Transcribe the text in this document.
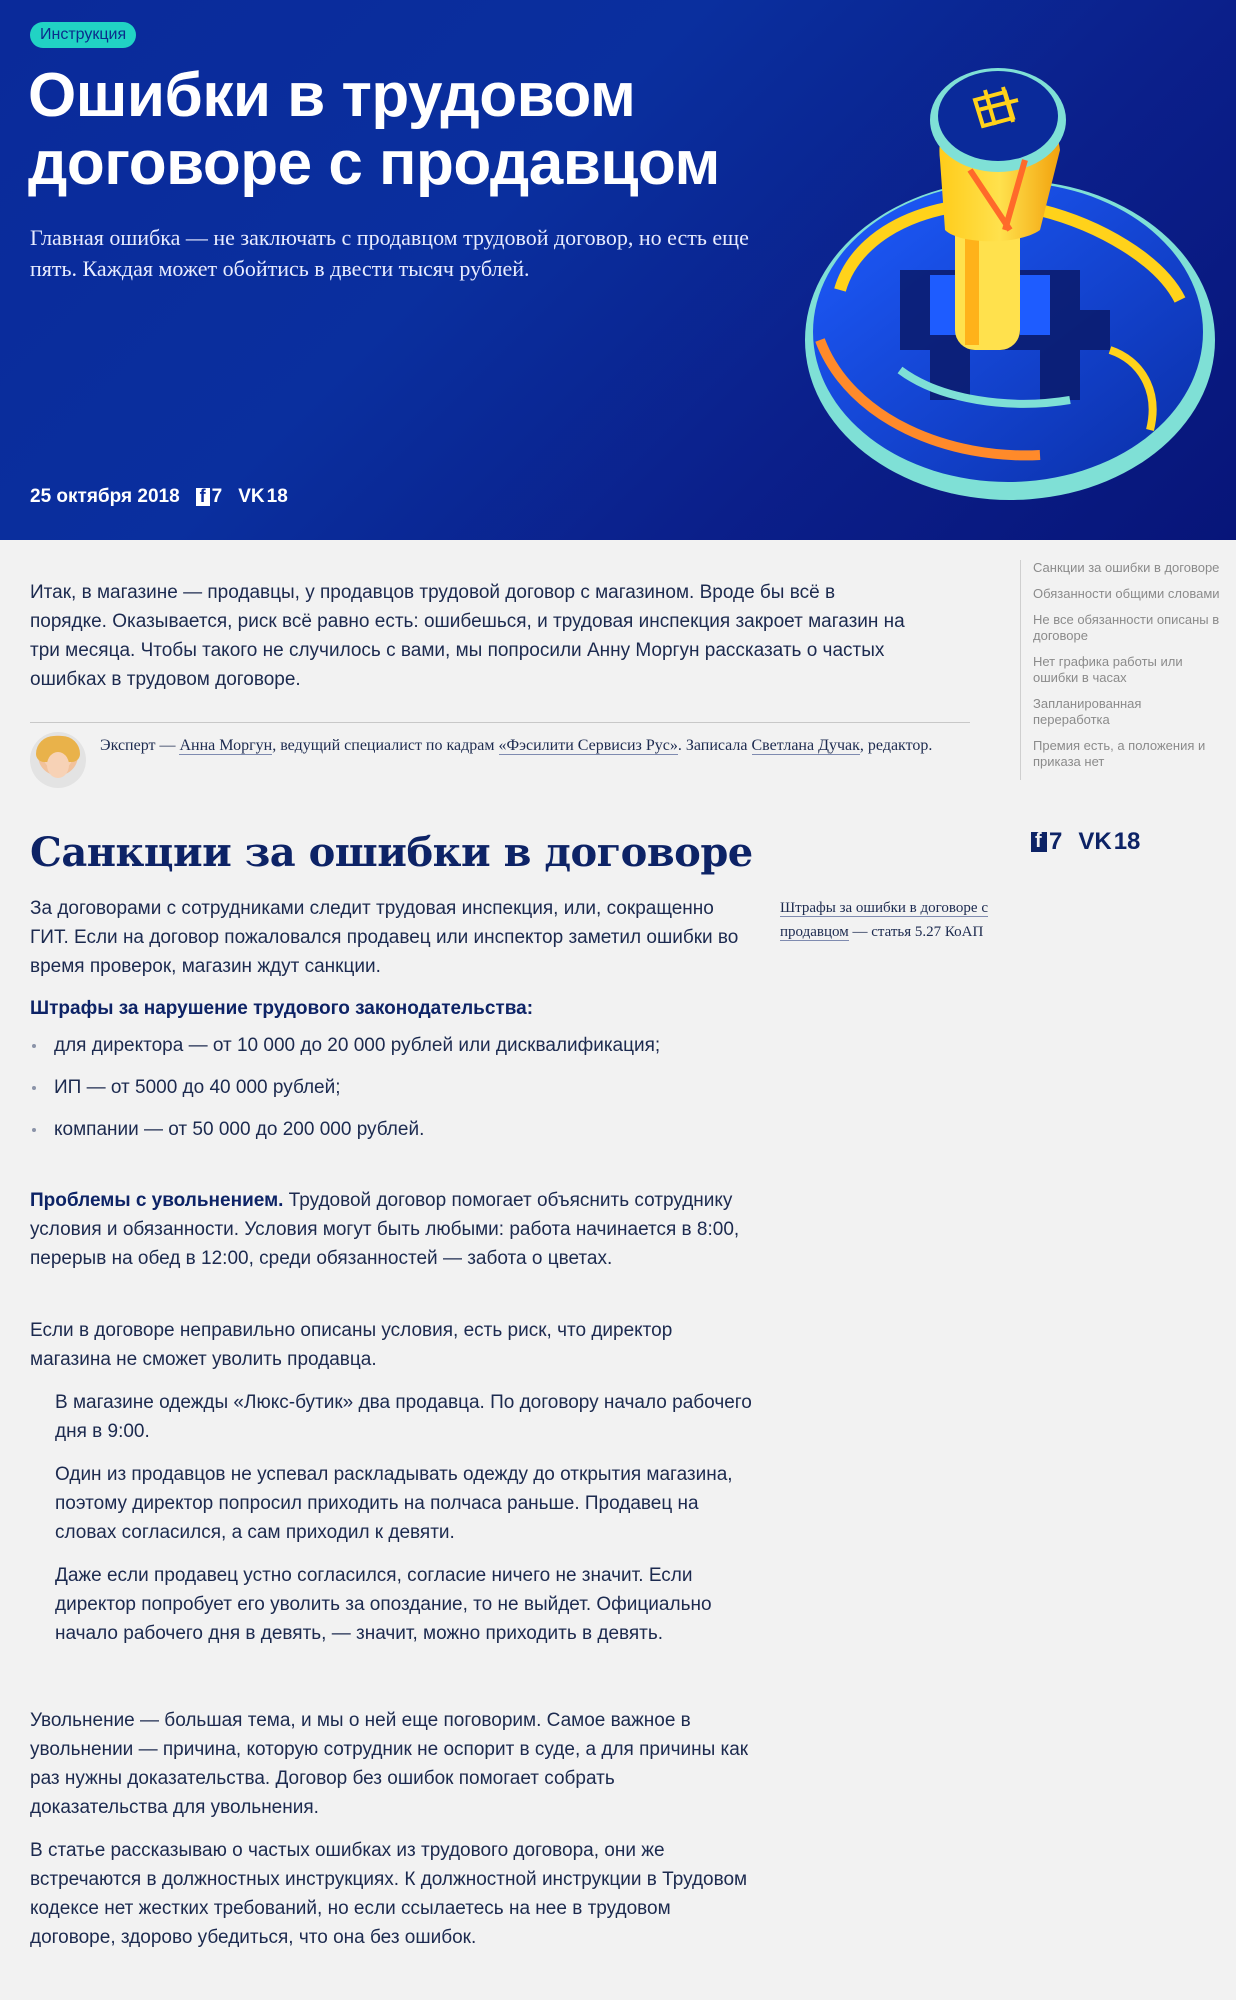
Инструкция
Ошибки в трудовом договоре с продавцом

Главная ошибка — не заключать с продавцом трудовой договор, но есть еще пять. Каждая может обойтись в двести тысяч рублей.

25 октября 2018
f 7 VK 18

Итак, в магазине — продавцы, у продавцов трудовой договор с магазином. Вроде бы всё в порядке. Оказывается, риск всё равно есть: ошибешься, и трудовая инспекция закроет магазин на три месяца. Чтобы такого не случилось с вами, мы попросили Анну Моргун рассказать о частых ошибках в трудовом договоре.

Эксперт — Анна Моргун, ведущий специалист по кадрам «Фэсилити Сервисиз Рус». Записала Светлана Дучак, редактор.

Санкции за ошибки в договоре

За договорами с сотрудниками следит трудовая инспекция, или, сокращенно ГИТ. Если на договор пожаловался продавец или инспектор заметил ошибки во время проверок, магазин ждут санкции.

Штрафы за нарушение трудового законодательства:

для директора — от 10 000 до 20 000 рублей или дисквалификация;
ИП — от 5000 до 40 000 рублей;
компании — от 50 000 до 200 000 рублей.

Проблемы с увольнением. Трудовой договор помогает объяснить сотруднику условия и обязанности. Условия могут быть любыми: работа начинается в 8:00, перерыв на обед в 12:00, среди обязанностей — забота о цветах.

Если в договоре неправильно описаны условия, есть риск, что директор магазина не сможет уволить продавца.

В магазине одежды «Люкс-бутик» два продавца. По договору начало рабочего дня в 9:00.

Один из продавцов не успевал раскладывать одежду до открытия магазина, поэтому директор попросил приходить на полчаса раньше. Продавец на словах согласился, а сам приходил к девяти.

Даже если продавец устно согласился, согласие ничего не значит. Если директор попробует его уволить за опоздание, то не выйдет. Официально начало рабочего дня в девять, — значит, можно приходить в девять.

Увольнение — большая тема, и мы о ней еще поговорим. Самое важное в увольнении — причина, которую сотрудник не оспорит в суде, а для причины как раз нужны доказательства. Договор без ошибок помогает собрать доказательства для увольнения.

В статье рассказываю о частых ошибках из трудового договора, они же встречаются в должностных инструкциях. К должностной инструкции в Трудовом кодексе нет жестких требований, но если ссылаетесь на нее в трудовом договоре, здорово убедиться, что она без ошибок.

Штрафы за ошибки в договоре с продавцом — статья 5.27 КоАП

Санкции за ошибки в договоре
Обязанности общими словами
Не все обязанности описаны в договоре
Нет графика работы или ошибки в часах
Запланированная переработка
Премия есть, а положения и приказа нет
f
7 VK 18
